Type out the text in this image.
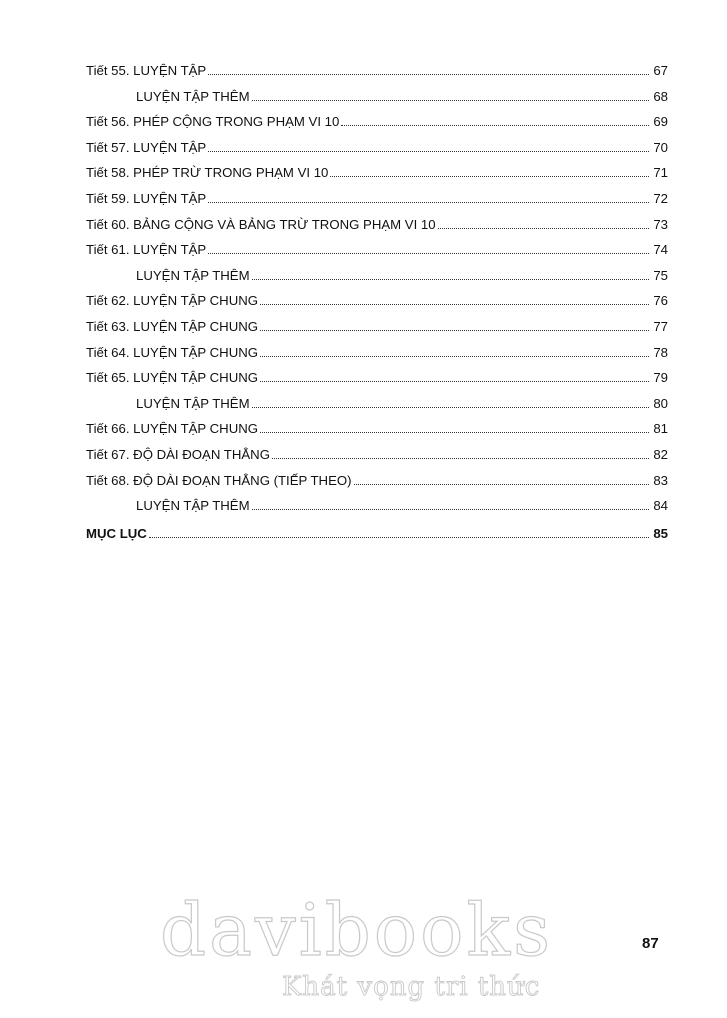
Tiết 55. LUYỆN TẬP	67
LUYỆN TẬP THÊM	68
Tiết 56. PHÉP CỘNG TRONG PHẠM VI 10	69
Tiết 57. LUYỆN TẬP	70
Tiết 58. PHÉP TRỪ TRONG PHẠM VI 10	71
Tiết 59. LUYỆN TẬP	72
Tiết 60. BẢNG CỘNG VÀ BẢNG TRỪ TRONG PHẠM VI 10	73
Tiết 61. LUYỆN TẬP	74
LUYỆN TẬP THÊM	75
Tiết 62. LUYỆN TẬP CHUNG	76
Tiết 63. LUYỆN TẬP CHUNG	77
Tiết 64. LUYỆN TẬP CHUNG	78
Tiết 65. LUYỆN TẬP CHUNG	79
LUYỆN TẬP THÊM	80
Tiết 66. LUYỆN TẬP CHUNG	81
Tiết 67. ĐỘ DÀI ĐOẠN THẲNG	82
Tiết 68. ĐỘ DÀI ĐOẠN THẲNG (TIẾP THEO)	83
LUYỆN TẬP THÊM	84
MỤC LỤC	85
87
davibooks
Khát vọng tri thức
